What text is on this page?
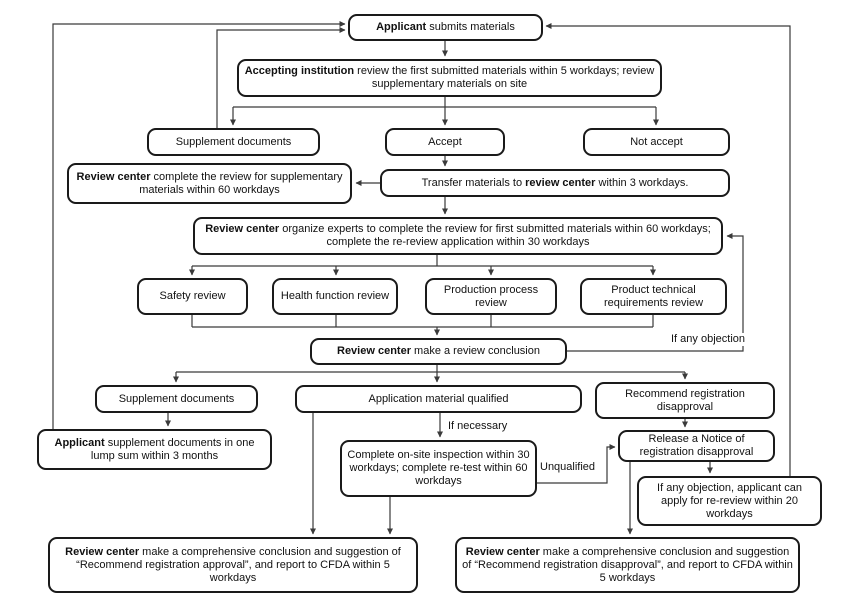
Applicant submits materials
Accepting institution review the first submitted materials within 5 workdays; review supplementary materials on site
Supplement documents	Accept	Not accept
Review center complete the review for supplementary materials within 60 workdays
Transfer materials to review center within 3 workdays.
Review center organize experts to complete the review for first submitted materials within 60 workdays; complete the re-review application within 30 workdays
Safety review	Health function review
Production process review
Product technical requirements review
Review center make a review conclusion
Supplement documents	Application material qualified	Recommend registration disapproval
Applicant supplement documents in one lump sum within 3 months	Complete on-site inspection within 30 workdays; complete re-test within 60 workdays
Release a Notice of registration disapproval
If any objection, applicant can apply for re-review within 20 workdays
Review center make a comprehensive conclusion and suggestion of “Recommend registration approval”, and report to CFDA within 5 workdays
Review center make a comprehensive conclusion and suggestion of “Recommend registration disapproval”, and report to CFDA within 5 workdays
If any objection
If necessary
Unqualified
